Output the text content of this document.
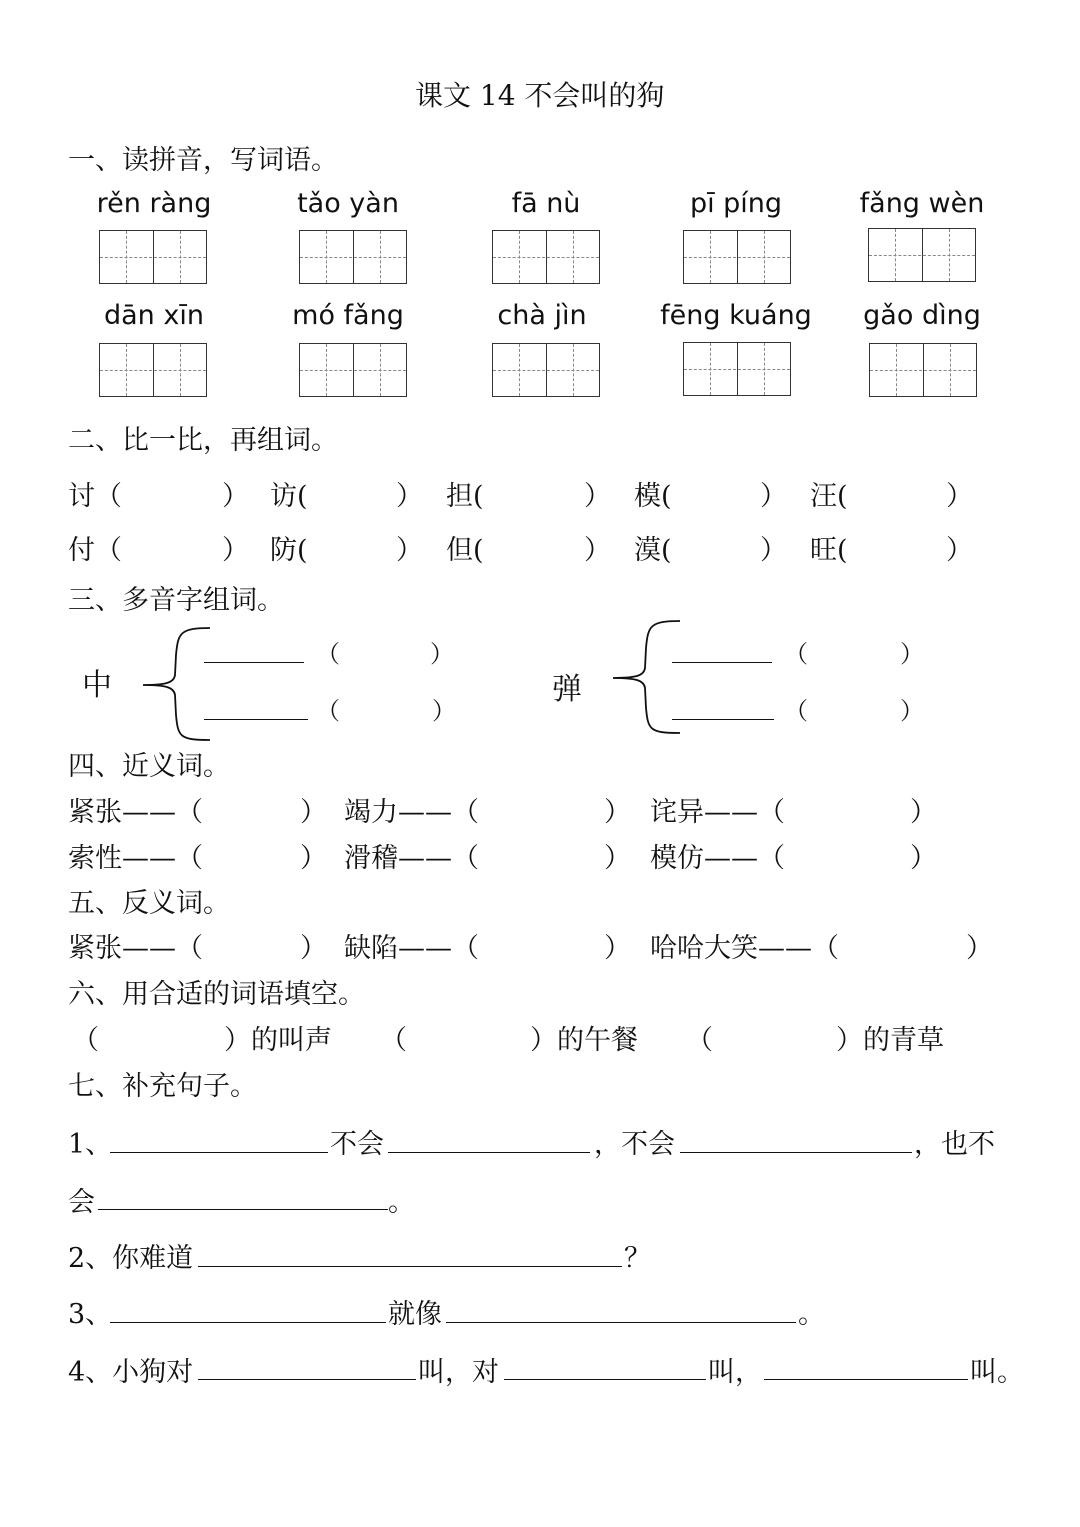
课文 14 不会叫的狗
一、读拼音，写词语。
rěn ràng	tǎo yàn	fā nù	pī píng	fǎng wèn
dān xīn	mó fǎng	chà jìn	fēng kuáng	gǎo dìng
二、比一比，再组词。
讨（	） 访(	） 担(	） 模(	） 汪(	）
付（	） 防(	） 但(	） 漠(	） 旺(	）
三、多音字组词。
中
（	）
（	）
弹
（	）
（	）
四、近义词。
紧张——（	） 竭力——（	） 诧异——（	）
索性——（	） 滑稽——（	） 模仿——（	）
五、反义词。
紧张——（	） 缺陷——（	） 哈哈大笑——（	）
六、用合适的词语填空。
（	）的叫声 （	）的午餐 （	）的青草
七、补充句子。
1、	不会	，不会	，也不
会	。
2、你难道	？
3、	就像	。
4、小狗对	叫，对	叫，	叫。
